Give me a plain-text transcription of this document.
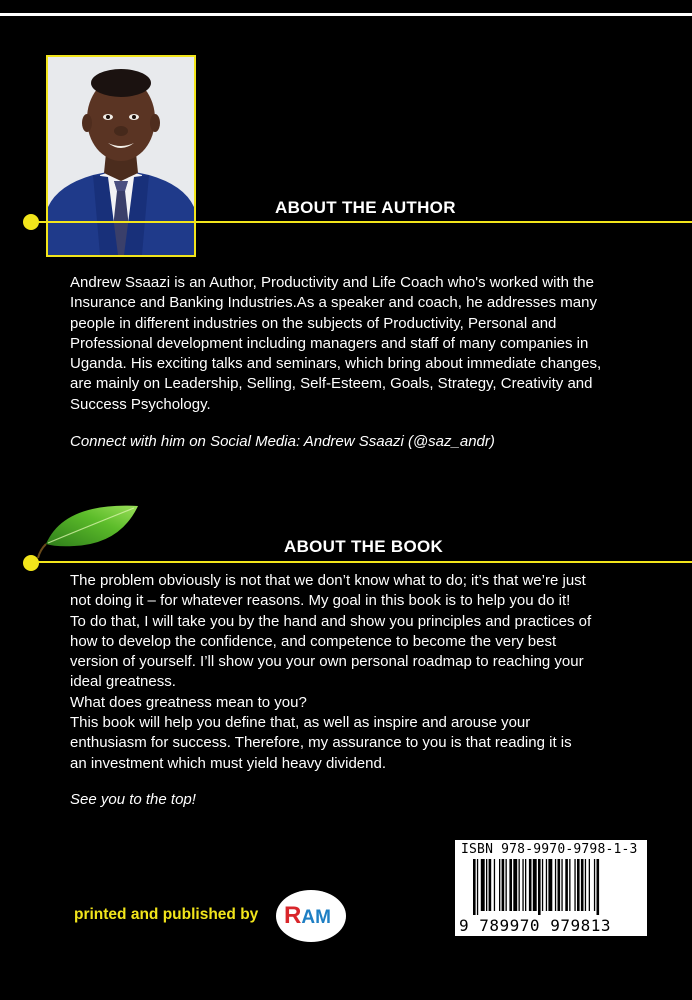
ABOUT THE AUTHOR

Andrew Ssaazi is an Author, Productivity and Life Coach who's worked with the

Insurance and Banking Industries.As a speaker and coach, he addresses many

people in different industries on the subjects of Productivity, Personal and

Professional development including managers and staff of many companies in

Uganda. His exciting talks and seminars, which bring about immediate changes,

are mainly on Leadership, Selling, Self-Esteem, Goals, Strategy, Creativity and

Success Psychology.

Connect with him on Social Media: Andrew Ssaazi (@saz_andr)
ABOUT THE BOOK

The problem obviously is not that we don’t know what to do; it’s that we’re just

not doing it – for whatever reasons. My goal in this book is to help you do it!

To do that, I will take you by the hand and show you principles and practices of

how to develop the confidence, and competence to become the very best

version of yourself. I’ll show you your own personal roadmap to reaching your

ideal greatness.

What does greatness mean to you?

This book will help you define that, as well as inspire and arouse your

enthusiasm for success. Therefore, my assurance to you is that reading it is

an investment which must yield heavy dividend.

See you to the top!
ISBN 978-9970-9798-1-3
9 789970 979813
printed and published by RAM
